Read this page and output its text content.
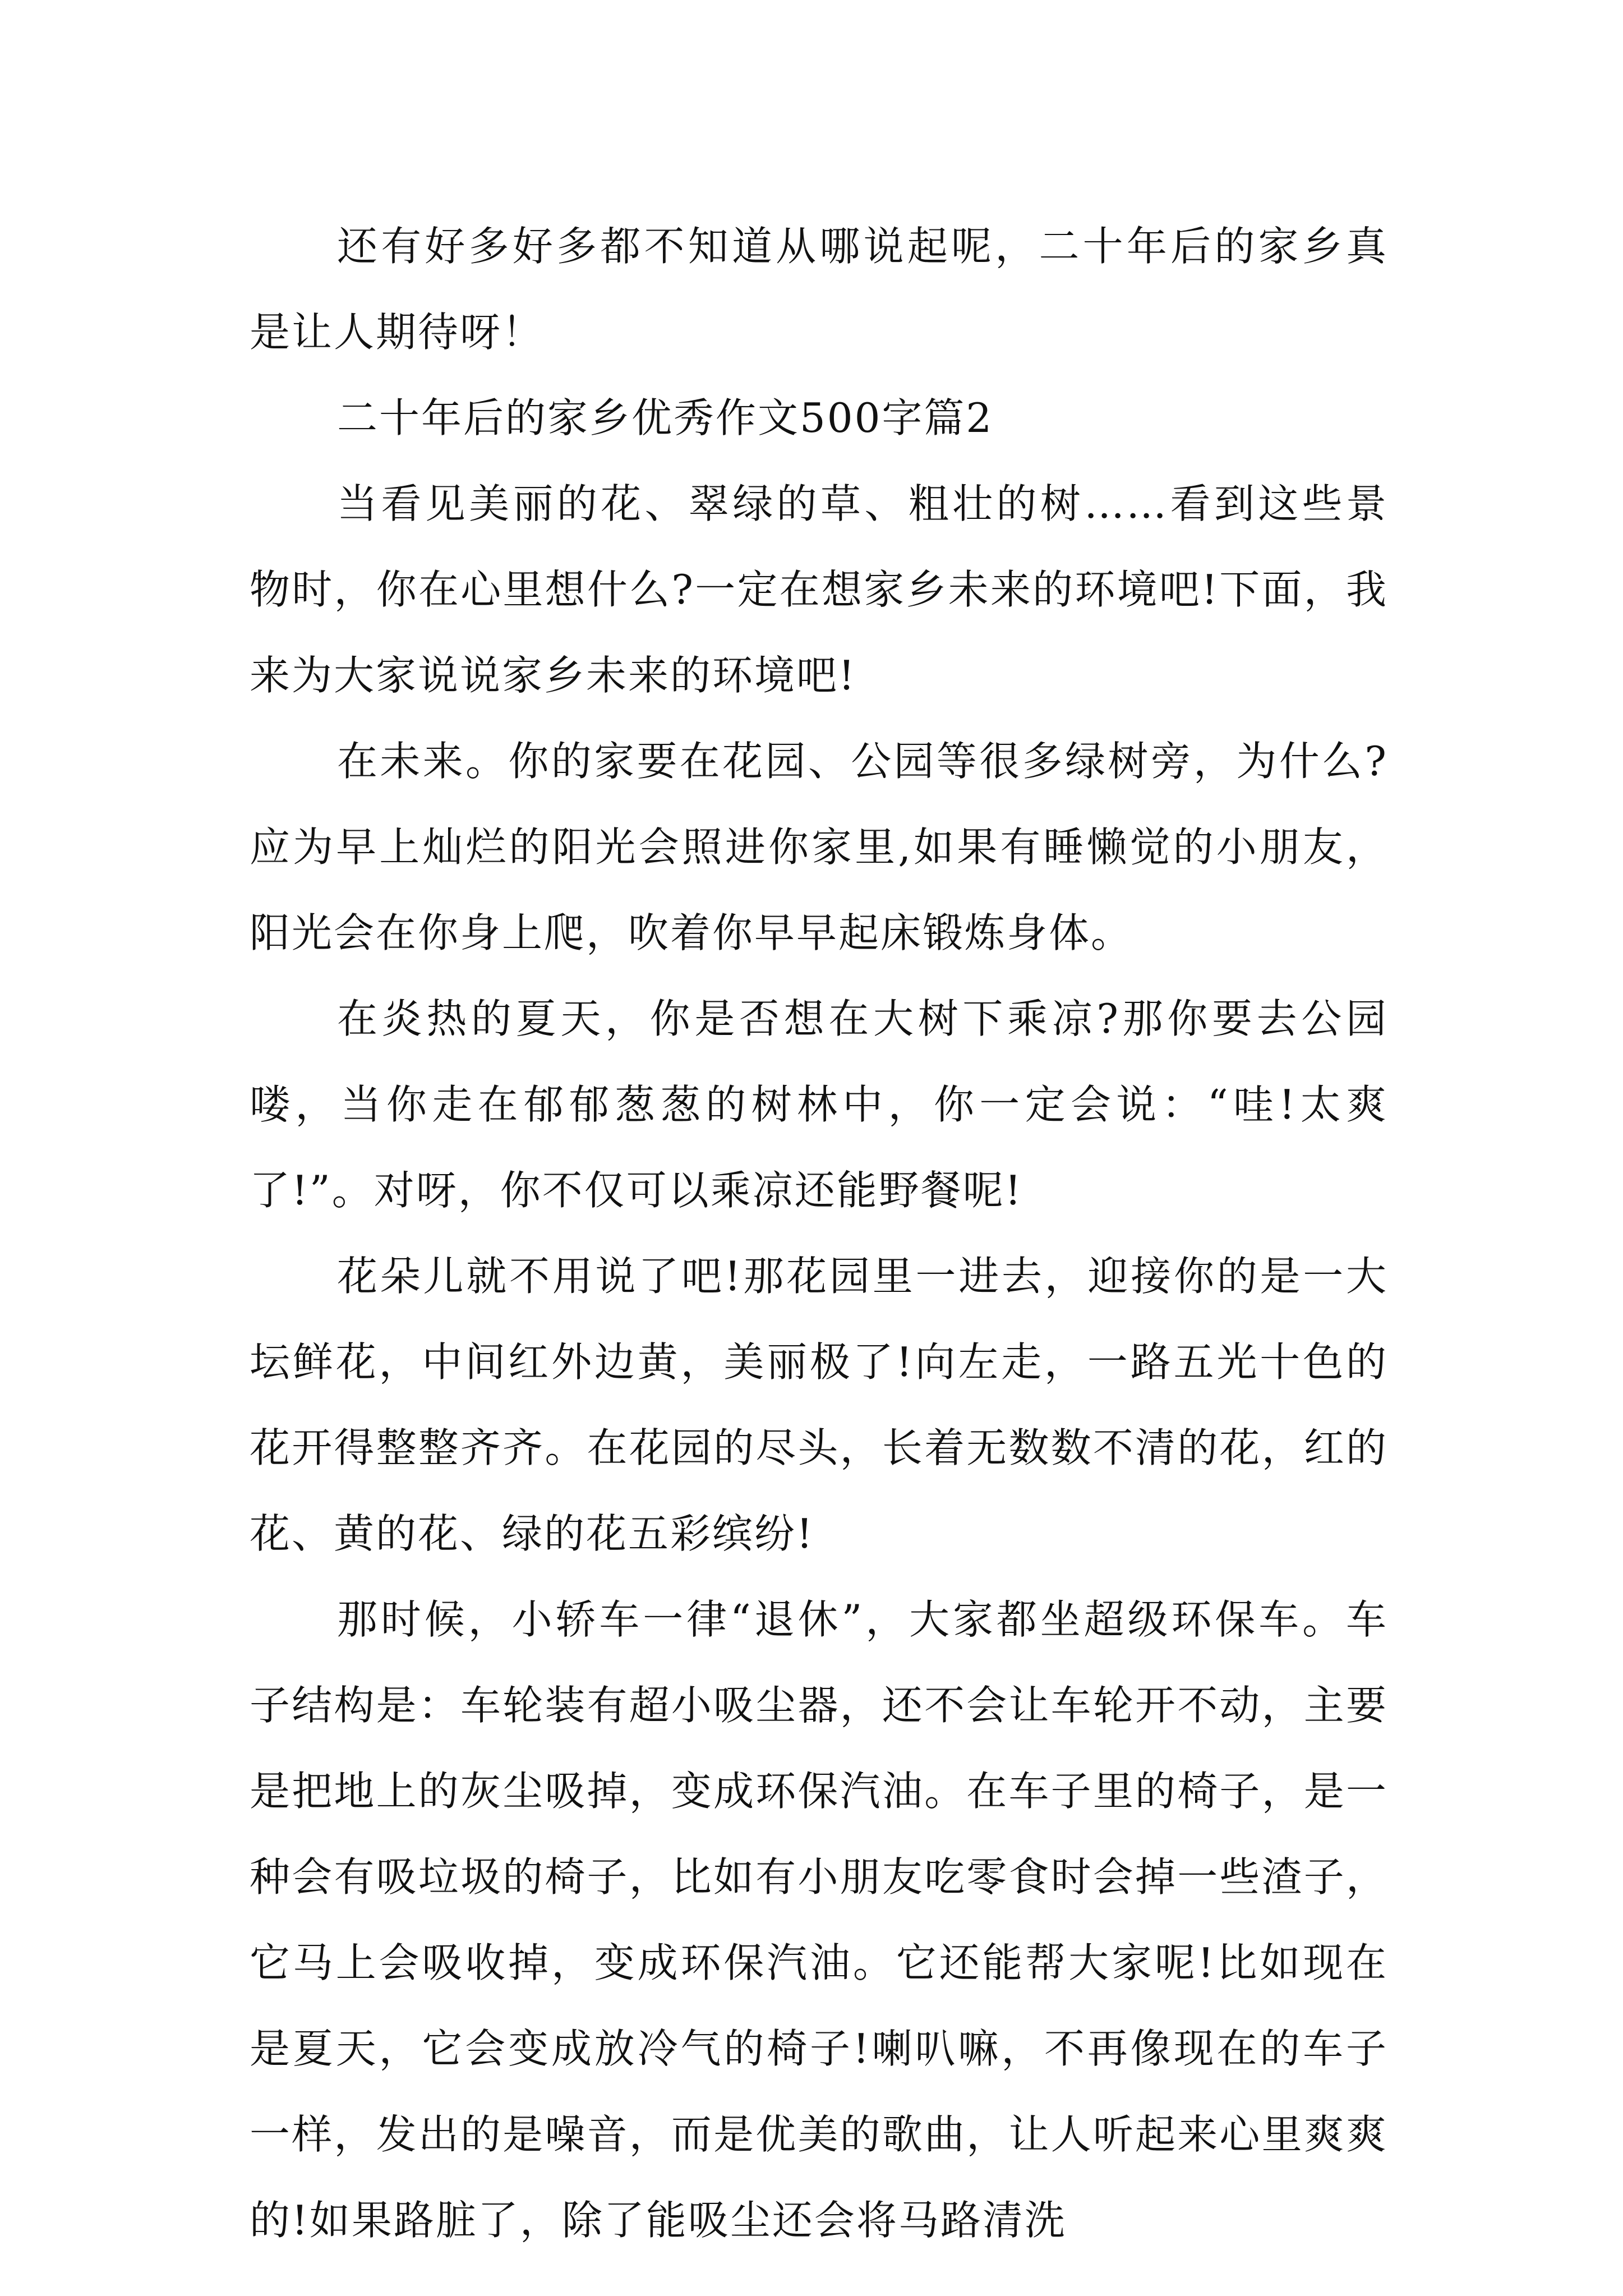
还有好多好多都不知道从哪说起呢，二十年后的家乡真是让人期待呀！

二十年后的家乡优秀作文500字篇2

当看见美丽的花、翠绿的草、粗壮的树……看到这些景物时，你在心里想什么?一定在想家乡未来的环境吧!下面，我来为大家说说家乡未来的环境吧!

在未来。你的家要在花园、公园等很多绿树旁，为什么?应为早上灿烂的阳光会照进你家里,如果有睡懒觉的小朋友，阳光会在你身上爬，吹着你早早起床锻炼身体。

在炎热的夏天，你是否想在大树下乘凉?那你要去公园喽，当你走在郁郁葱葱的树林中，你一定会说：“哇!太爽了!”。对呀，你不仅可以乘凉还能野餐呢!

花朵儿就不用说了吧!那花园里一进去，迎接你的是一大坛鲜花，中间红外边黄，美丽极了!向左走，一路五光十色的花开得整整齐齐。在花园的尽头，长着无数数不清的花，红的花、黄的花、绿的花五彩缤纷!

那时候，小轿车一律“退休”，大家都坐超级环保车。车子结构是：车轮装有超小吸尘器，还不会让车轮开不动，主要是把地上的灰尘吸掉，变成环保汽油。在车子里的椅子，是一种会有吸垃圾的椅子，比如有小朋友吃零食时会掉一些渣子，它马上会吸收掉，变成环保汽油。它还能帮大家呢!比如现在是夏天，它会变成放冷气的椅子!喇叭嘛，不再像现在的车子一样，发出的是噪音，而是优美的歌曲，让人听起来心里爽爽的!如果路脏了，除了能吸尘还会将马路清洗
